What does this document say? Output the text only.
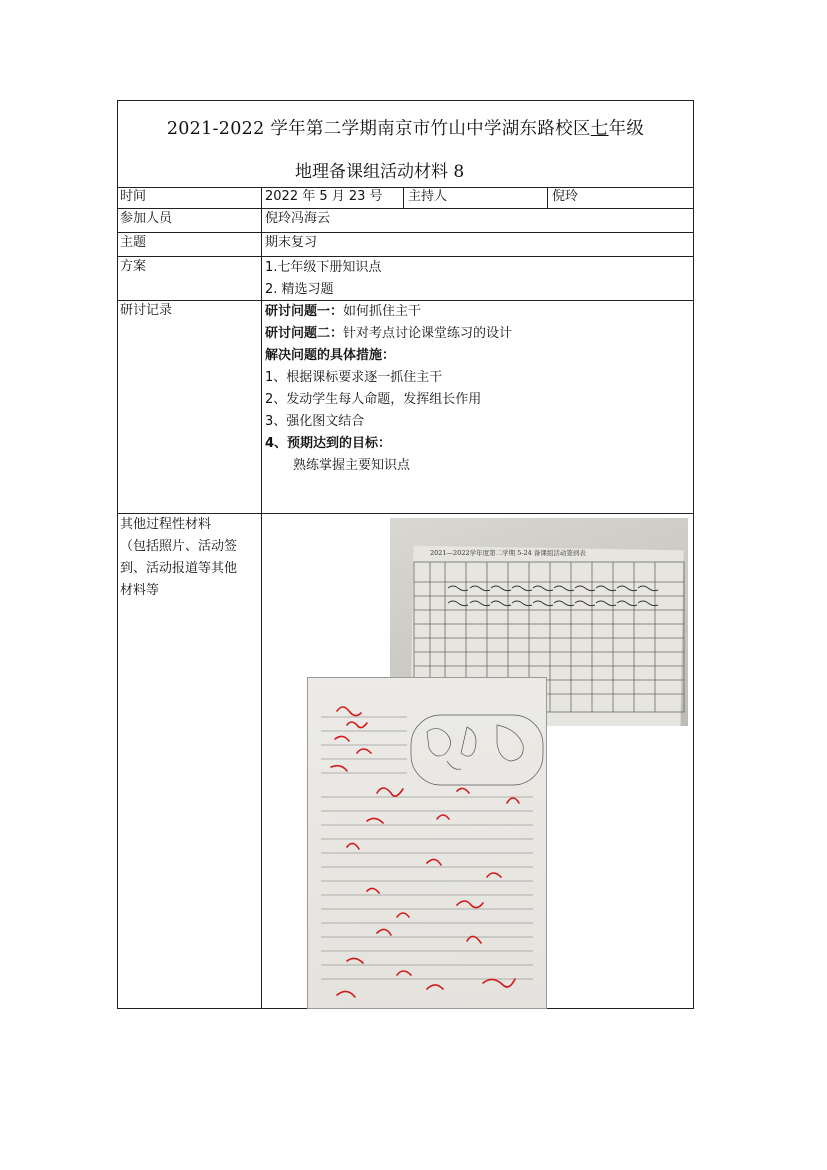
2021-2022 学年第二学期南京市竹山中学湖东路校区七年级
地理备课组活动材料 8
时间	2022 年 5 月 23 号	主持人	倪玲
参加人员	倪玲冯海云
主题	期末复习
方案	1.七年级下册知识点
2. 精选习题
研讨记录	研讨问题一：如何抓住主干
研讨问题二：针对考点讨论课堂练习的设计
解决问题的具体措施：
1、根据课标要求逐一抓住主干
2、发动学生每人命题，发挥组长作用
3、强化图文结合
4、预期达到的目标：
熟练掌握主要知识点
其他过程性材料
（包括照片、活动签
到、活动报道等其他
材料等
2021—2022学年度第二学期 5-24 备课组活动签到表
